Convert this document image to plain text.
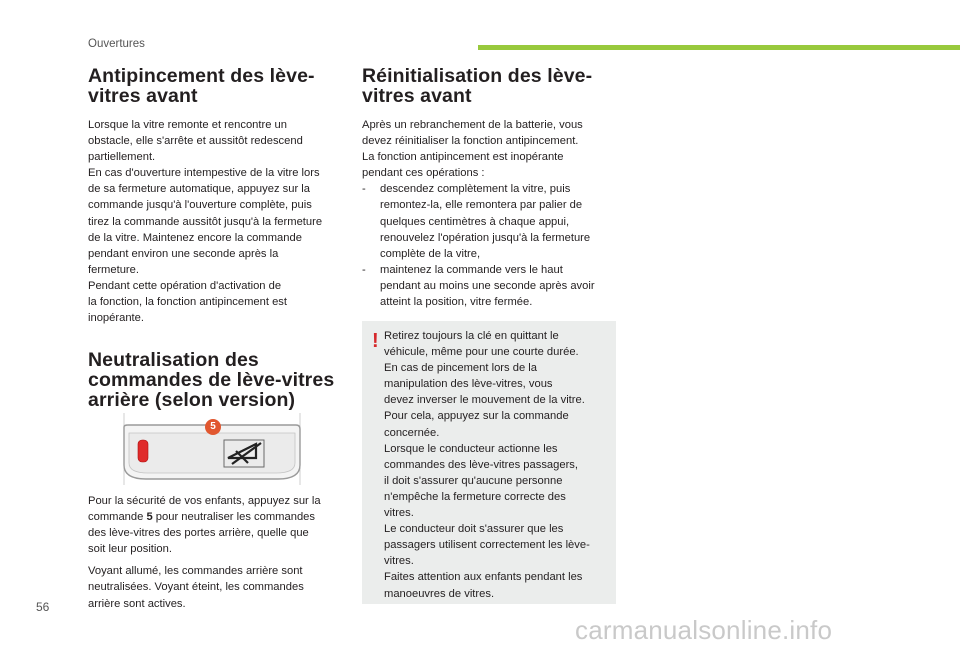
Ouvertures
Antipincement des lève-
vitres avant
Lorsque la vitre remonte et rencontre un
obstacle, elle s'arrête et aussitôt redescend
partiellement.
En cas d'ouverture intempestive de la vitre lors
de sa fermeture automatique, appuyez sur la
commande jusqu'à l'ouverture complète, puis
tirez la commande aussitôt jusqu'à la fermeture
de la vitre. Maintenez encore la commande
pendant environ une seconde après la
fermeture.
Pendant cette opération d'activation de
la fonction, la fonction antipincement est
inopérante.
Neutralisation des
commandes de lève-vitres
arrière (selon version)
5
Pour la sécurité de vos enfants, appuyez sur la
commande 5 pour neutraliser les commandes
des lève-vitres des portes arrière, quelle que
soit leur position.
Voyant allumé, les commandes arrière sont
neutralisées. Voyant éteint, les commandes
arrière sont actives.
Réinitialisation des lève-
vitres avant
Après un rebranchement de la batterie, vous
devez réinitialiser la fonction antipincement.
La fonction antipincement est inopérante
pendant ces opérations :
- descendez complètement la vitre, puis
remontez-la, elle remontera par palier de
quelques centimètres à chaque appui,
renouvelez l'opération jusqu'à la fermeture
complète de la vitre,
- maintenez la commande vers le haut
pendant au moins une seconde après avoir
atteint la position, vitre fermée.
! Retirez toujours la clé en quittant le
véhicule, même pour une courte durée.
En cas de pincement lors de la
manipulation des lève-vitres, vous
devez inverser le mouvement de la vitre.
Pour cela, appuyez sur la commande
concernée.
Lorsque le conducteur actionne les
commandes des lève-vitres passagers,
il doit s'assurer qu'aucune personne
n'empêche la fermeture correcte des
vitres.
Le conducteur doit s'assurer que les
passagers utilisent correctement les lève-
vitres.
Faites attention aux enfants pendant les
manoeuvres de vitres.
56
carmanualsonline.info
